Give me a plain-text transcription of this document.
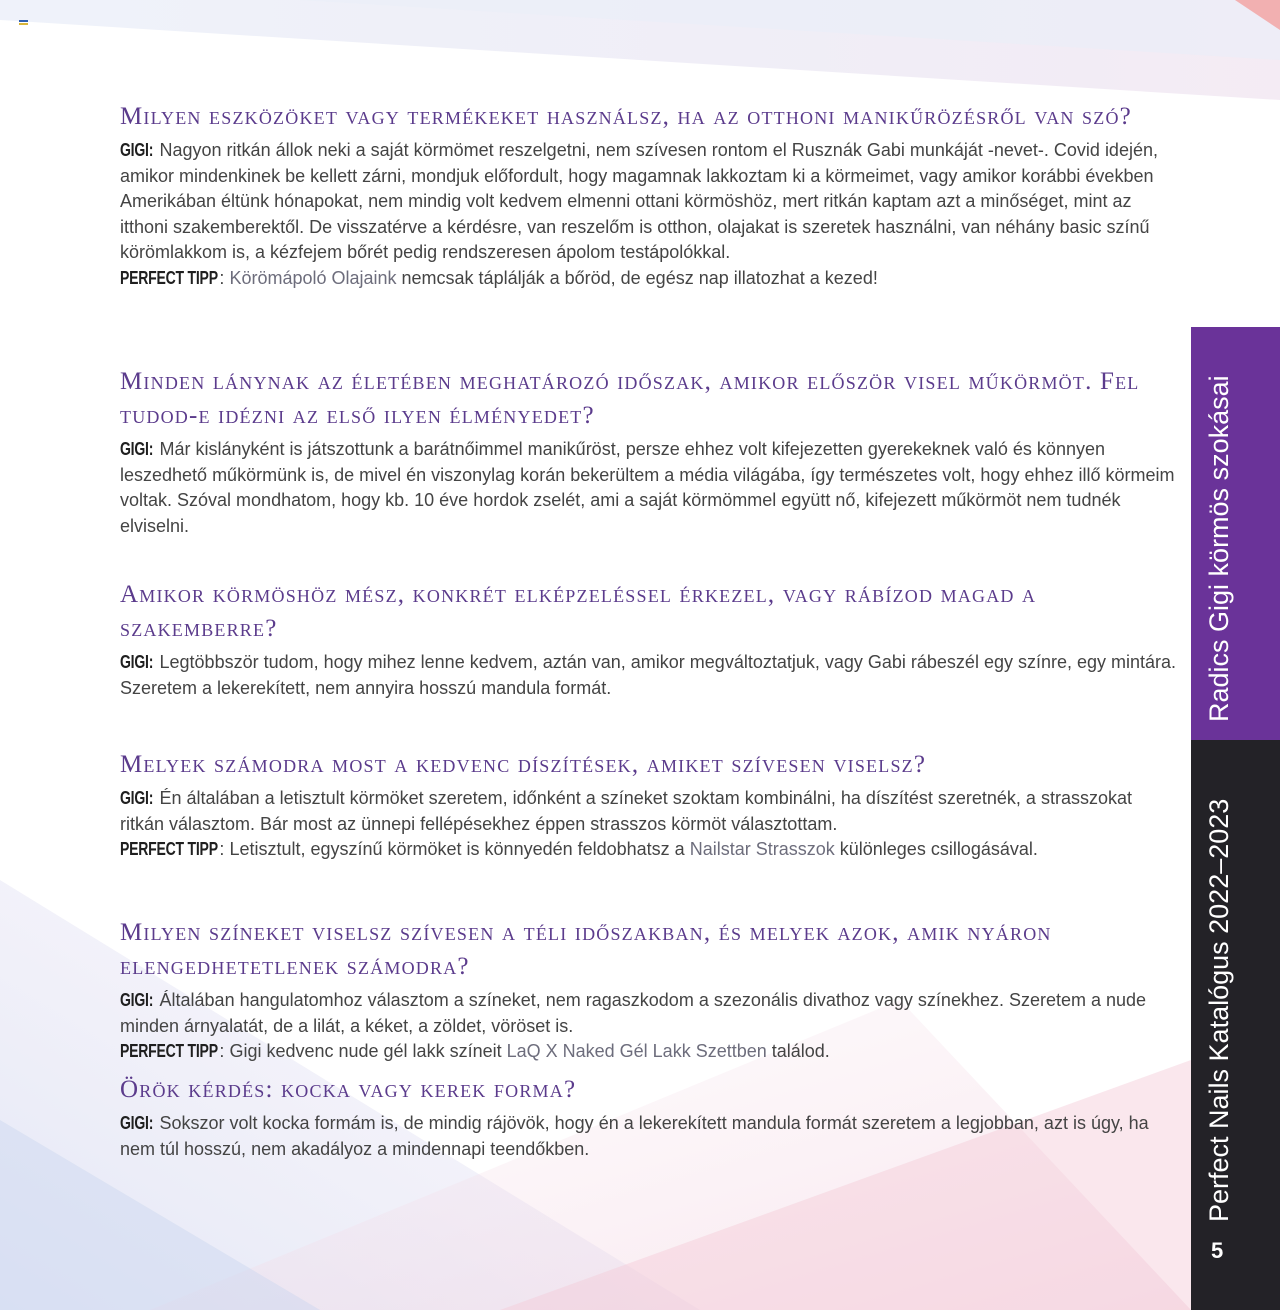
Milyen eszközöket vagy termékeket használsz, ha az otthoni manikűrözésről van szó?

GIGI: Nagyon ritkán állok neki a saját körmömet reszelgetni, nem szívesen rontom el Rusznák Gabi munkáját -nevet-. Covid idején, amikor mindenkinek be kellett zárni, mondjuk előfordult, hogy magamnak lakkoztam ki a körmeimet, vagy amikor korábbi években Amerikában éltünk hónapokat, nem mindig volt kedvem elmenni ottani körmöshöz, mert ritkán kaptam azt a minőséget, mint az itthoni szakemberektől. De visszatérve a kérdésre, van reszelőm is otthon, olajakat is szeretek használni, van néhány basic színű körömlakkom is, a kézfejem bőrét pedig rendszeresen ápolom testápolókkal.

PERFECT TIPP: Körömápoló Olajaink nemcsak táplálják a bőröd, de egész nap illatozhat a kezed!

Minden lánynak az életében meghatározó időszak, amikor először visel műkörmöt. Fel tudod-e idézni az első ilyen élményedet?

GIGI: Már kislányként is játszottunk a barátnőimmel manikűröst, persze ehhez volt kifejezetten gyerekeknek való és könnyen leszedhető műkörmünk is, de mivel én viszonylag korán bekerültem a média világába, így természetes volt, hogy ehhez illő körmeim voltak. Szóval mondhatom, hogy kb. 10 éve hordok zselét, ami a saját körmömmel együtt nő, kifejezett műkörmöt nem tudnék elviselni.

Amikor körmöshöz mész, konkrét elképzeléssel érkezel, vagy rábízod magad a szakemberre?

GIGI: Legtöbbször tudom, hogy mihez lenne kedvem, aztán van, amikor megváltoztatjuk, vagy Gabi rábeszél egy színre, egy mintára. Szeretem a lekerekített, nem annyira hosszú mandula formát.

Melyek számodra most a kedvenc díszítések, amiket szívesen viselsz?

GIGI: Én általában a letisztult körmöket szeretem, időnként a színeket szoktam kombinálni, ha díszítést szeretnék, a strasszokat ritkán választom. Bár most az ünnepi fellépésekhez éppen strasszos körmöt választottam.

PERFECT TIPP: Letisztult, egyszínű körmöket is könnyedén feldobhatsz a Nailstar Strasszok különleges csillogásával.

Milyen színeket viselsz szívesen a téli időszakban, és melyek azok, amik nyáron elengedhetetlenek számodra?

GIGI: Általában hangulatomhoz választom a színeket, nem ragaszkodom a szezonális divathoz vagy színekhez. Szeretem a nude minden árnyalatát, de a lilát, a kéket, a zöldet, vöröset is.

PERFECT TIPP: Gigi kedvenc nude gél lakk színeit LaQ X Naked Gél Lakk Szettben találod.

Örök kérdés: kocka vagy kerek forma?

GIGI: Sokszor volt kocka formám is, de mindig rájövök, hogy én a lekerekített mandula formát szeretem a legjobban, azt is úgy, ha nem túl hosszú, nem akadályoz a mindennapi teendőkben.

Radics Gigi körmös szokásai
Perfect Nails Katalógus 2022–2023
5
